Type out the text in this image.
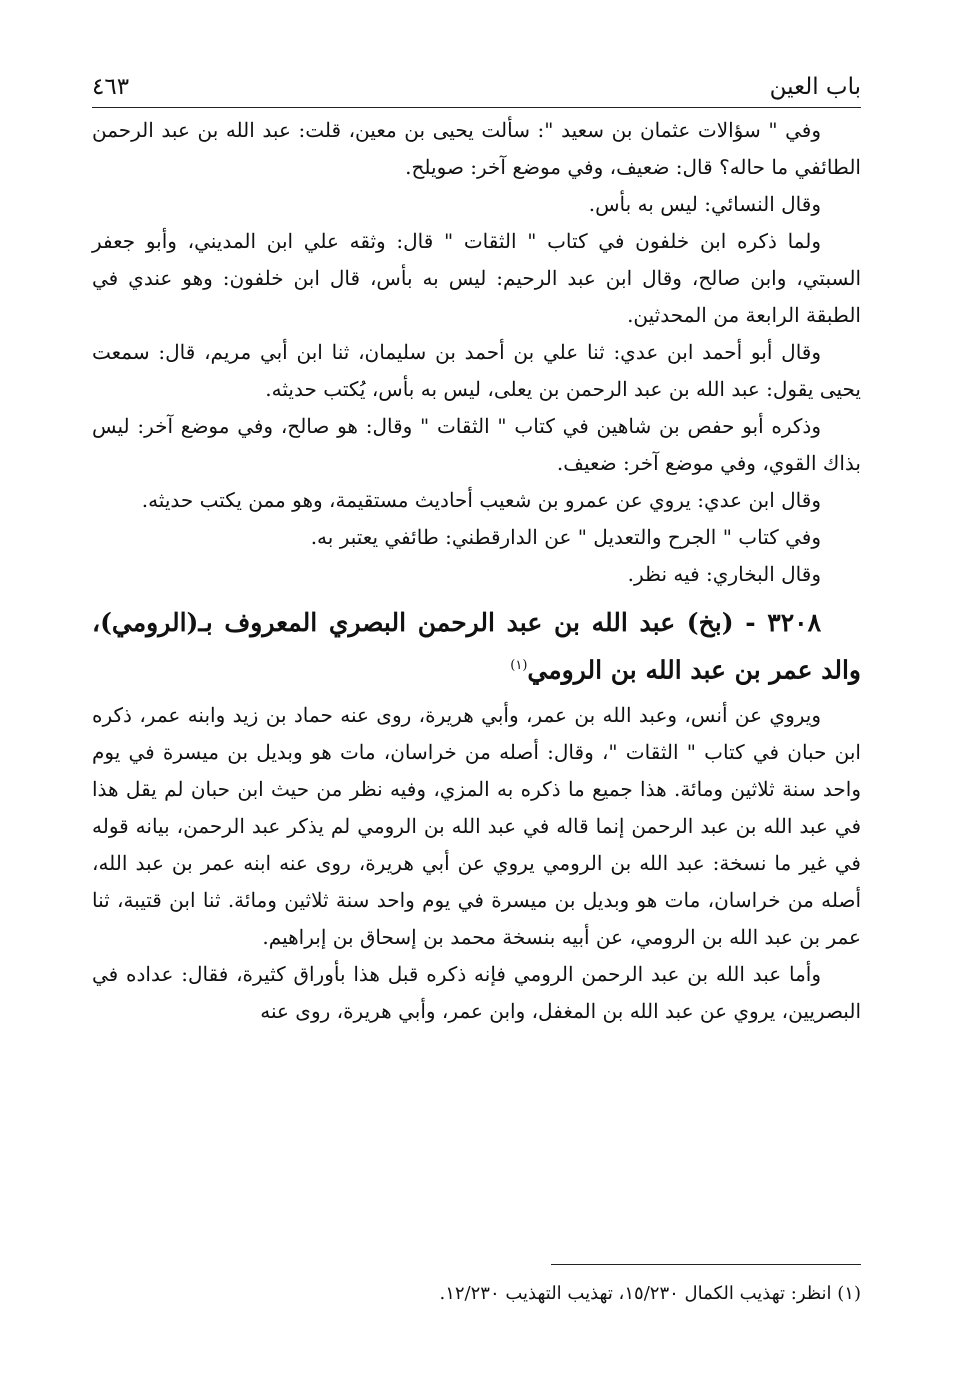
باب العين
٤٦٣

وفي " سؤالات عثمان بن سعيد ": سألت يحيى بن معين، قلت: عبد الله بن عبد الرحمن الطائفي ما حاله؟ قال: ضعيف، وفي موضع آخر: صويلح.

وقال النسائي: ليس به بأس.

ولما ذكره ابن خلفون في كتاب " الثقات " قال: وثقه علي ابن المديني، وأبو جعفر السبتي، وابن صالح، وقال ابن عبد الرحيم: ليس به بأس، قال ابن خلفون: وهو عندي في الطبقة الرابعة من المحدثين.

وقال أبو أحمد ابن عدي: ثنا علي بن أحمد بن سليمان، ثنا ابن أبي مريم، قال: سمعت يحيى يقول: عبد الله بن عبد الرحمن بن يعلى، ليس به بأس، يُكتب حديثه.

وذكره أبو حفص بن شاهين في كتاب " الثقات " وقال: هو صالح، وفي موضع آخر: ليس بذاك القوي، وفي موضع آخر: ضعيف.

وقال ابن عدي: يروي عن عمرو بن شعيب أحاديث مستقيمة، وهو ممن يكتب حديثه.

وفي كتاب " الجرح والتعديل " عن الدارقطني: طائفي يعتبر به.

وقال البخاري: فيه نظر.

٣٢٠٨ - (بخ) عبد الله بن عبد الرحمن البصري المعروف بـ(الرومي)، والد عمر بن عبد الله بن الرومي$^{(١)}$

ويروي عن أنس، وعبد الله بن عمر، وأبي هريرة، روى عنه حماد بن زيد وابنه عمر، ذكره ابن حبان في كتاب " الثقات "، وقال: أصله من خراسان، مات هو وبديل بن ميسرة في يوم واحد سنة ثلاثين ومائة. هذا جميع ما ذكره به المزي، وفيه نظر من حيث ابن حبان لم يقل هذا في عبد الله بن عبد الرحمن إنما قاله في عبد الله بن الرومي لم يذكر عبد الرحمن، بيانه قوله في غير ما نسخة: عبد الله بن الرومي يروي عن أبي هريرة، روى عنه ابنه عمر بن عبد الله، أصله من خراسان، مات هو وبديل بن ميسرة في يوم واحد سنة ثلاثين ومائة. ثنا ابن قتيبة، ثنا عمر بن عبد الله بن الرومي، عن أبيه بنسخة محمد بن إسحاق بن إبراهيم.

وأما عبد الله بن عبد الرحمن الرومي فإنه ذكره قبل هذا بأوراق كثيرة، فقال: عداده في البصريين، يروي عن عبد الله بن المغفل، وابن عمر، وأبي هريرة، روى عنه

(١) انظر: تهذيب الكمال ١٥/٢٣٠، تهذيب التهذيب ١٢/٢٣٠.
